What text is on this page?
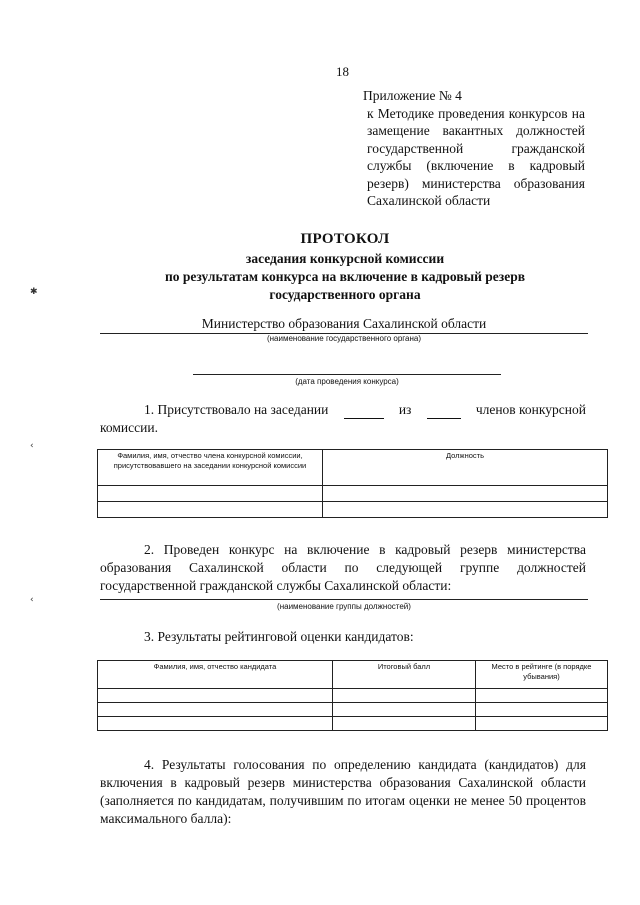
18
Приложение № 4
к Методике проведения конкурсов на замещение вакантных должностей государственной гражданской службы (включение в кадровый резерв) министерства образования Сахалинской области
ПРОТОКОЛ
заседания конкурсной комиссии
по результатам конкурса на включение в кадровый резерв
государственного органа
Министерство образования Сахалинской области
(наименование государственного органа)
(дата проведения конкурса)
1. Присутствовало на заседании	из	членов конкурсной
комиссии.
Фамилия, имя, отчество члена конкурсной комиссии, присутствовавшего на заседании конкурсной комиссии	Должность

2. Проведен конкурс на включение в кадровый резерв министерства образования Сахалинской области по следующей группе должностей государственной гражданской службы Сахалинской области:
(наименование группы должностей)
3. Результаты рейтинговой оценки кандидатов:
Фамилия, имя, отчество кандидата	Итоговый балл	Место в рейтинге (в порядке убывания)

4. Результаты голосования по определению кандидата (кандидатов) для включения в кадровый резерв министерства образования Сахалинской области (заполняется по кандидатам, получившим по итогам оценки не менее 50 процентов максимального балла):
✱
‹
‹
